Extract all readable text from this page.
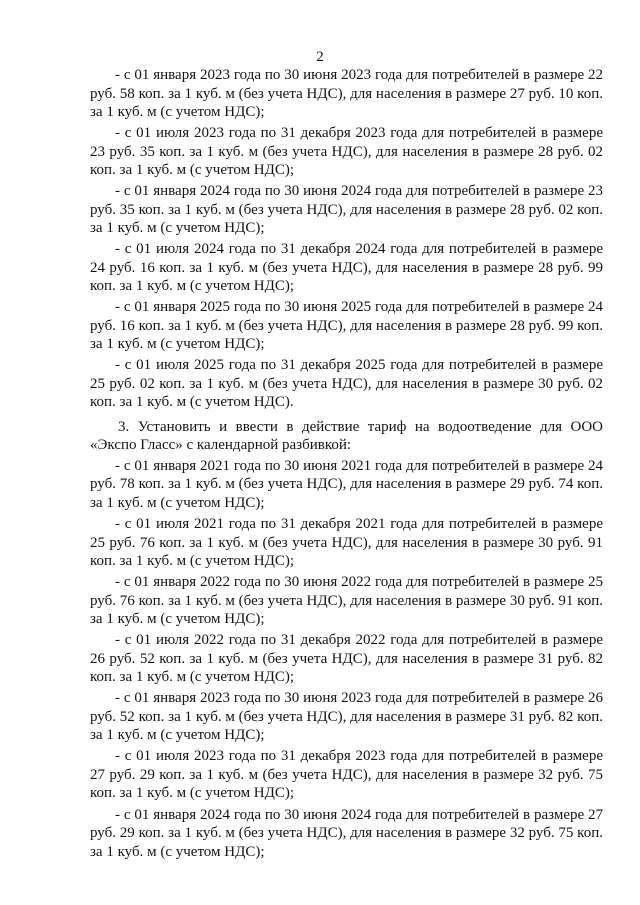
2

- с 01 января 2023 года по 30 июня 2023 года для потребителей в размере 22 руб. 58 коп. за 1 куб. м (без учета НДС), для населения в размере 27 руб. 10 коп. за 1 куб. м (с учетом НДС);

- с 01 июля 2023 года по 31 декабря 2023 года для потребителей в размере 23 руб. 35 коп. за 1 куб. м (без учета НДС), для населения в размере 28 руб. 02 коп. за 1 куб. м (с учетом НДС);

- с 01 января 2024 года по 30 июня 2024 года для потребителей в размере 23 руб. 35 коп. за 1 куб. м (без учета НДС), для населения в размере 28 руб. 02 коп. за 1 куб. м (с учетом НДС);

- с 01 июля 2024 года по 31 декабря 2024 года для потребителей в размере 24 руб. 16 коп. за 1 куб. м (без учета НДС), для населения в размере 28 руб. 99 коп. за 1 куб. м (с учетом НДС);

- с 01 января 2025 года по 30 июня 2025 года для потребителей в размере 24 руб. 16 коп. за 1 куб. м (без учета НДС), для населения в размере 28 руб. 99 коп. за 1 куб. м (с учетом НДС);

- с 01 июля 2025 года по 31 декабря 2025 года для потребителей в размере 25 руб. 02 коп. за 1 куб. м (без учета НДС), для населения в размере 30 руб. 02 коп. за 1 куб. м (с учетом НДС).

3. Установить и ввести в действие тариф на водоотведение для ООО «Экспо Гласс» с календарной разбивкой:

- с 01 января 2021 года по 30 июня 2021 года для потребителей в размере 24 руб. 78 коп. за 1 куб. м (без учета НДС), для населения в размере 29 руб. 74 коп. за 1 куб. м (с учетом НДС);

- с 01 июля 2021 года по 31 декабря 2021 года для потребителей в размере 25 руб. 76 коп. за 1 куб. м (без учета НДС), для населения в размере 30 руб. 91 коп. за 1 куб. м (с учетом НДС);

- с 01 января 2022 года по 30 июня 2022 года для потребителей в размере 25 руб. 76 коп. за 1 куб. м (без учета НДС), для населения в размере 30 руб. 91 коп. за 1 куб. м (с учетом НДС);

- с 01 июля 2022 года по 31 декабря 2022 года для потребителей в размере 26 руб. 52 коп. за 1 куб. м (без учета НДС), для населения в размере 31 руб. 82 коп. за 1 куб. м (с учетом НДС);

- с 01 января 2023 года по 30 июня 2023 года для потребителей в размере 26 руб. 52 коп. за 1 куб. м (без учета НДС), для населения в размере 31 руб. 82 коп. за 1 куб. м (с учетом НДС);

- с 01 июля 2023 года по 31 декабря 2023 года для потребителей в размере 27 руб. 29 коп. за 1 куб. м (без учета НДС), для населения в размере 32 руб. 75 коп. за 1 куб. м (с учетом НДС);

- с 01 января 2024 года по 30 июня 2024 года для потребителей в размере 27 руб. 29 коп. за 1 куб. м (без учета НДС), для населения в размере 32 руб. 75 коп. за 1 куб. м (с учетом НДС);
